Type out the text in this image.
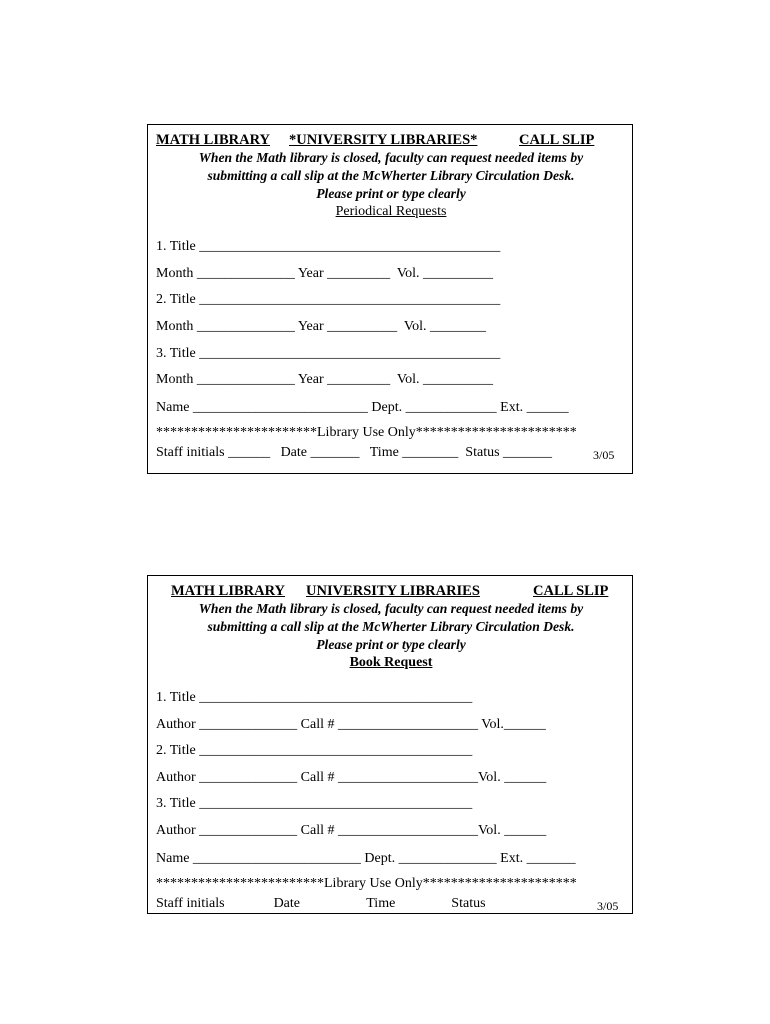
MATH LIBRARY *UNIVERSITY LIBRARIES*	CALL SLIP
When the Math library is closed, faculty can request needed items by
submitting a call slip at the McWherter Library Circulation Desk.
Please print or type clearly
Periodical Requests
1. Title ___________________________________________
Month ______________ Year _________  Vol. __________
2. Title ___________________________________________
Month ______________ Year __________  Vol. ________
3. Title ___________________________________________
Month ______________ Year _________  Vol. __________
Name _________________________ Dept. _____________ Ext. ______
***********************Library Use Only***********************
Staff initials ______   Date _______   Time ________  Status _______	3/05
MATH LIBRARY UNIVERSITY LIBRARIES	CALL SLIP
When the Math library is closed, faculty can request needed items by
submitting a call slip at the McWherter Library Circulation Desk.
Please print or type clearly
Book Request
1. Title _______________________________________
Author ______________ Call # ____________________ Vol.______
2. Title _______________________________________
Author ______________ Call # ____________________Vol. ______
3. Title _______________________________________
Author ______________ Call # ____________________Vol. ______
Name ________________________ Dept. ______________ Ext. _______
************************Library Use Only**********************
Staff initials              Date                   Time                Status	3/05
